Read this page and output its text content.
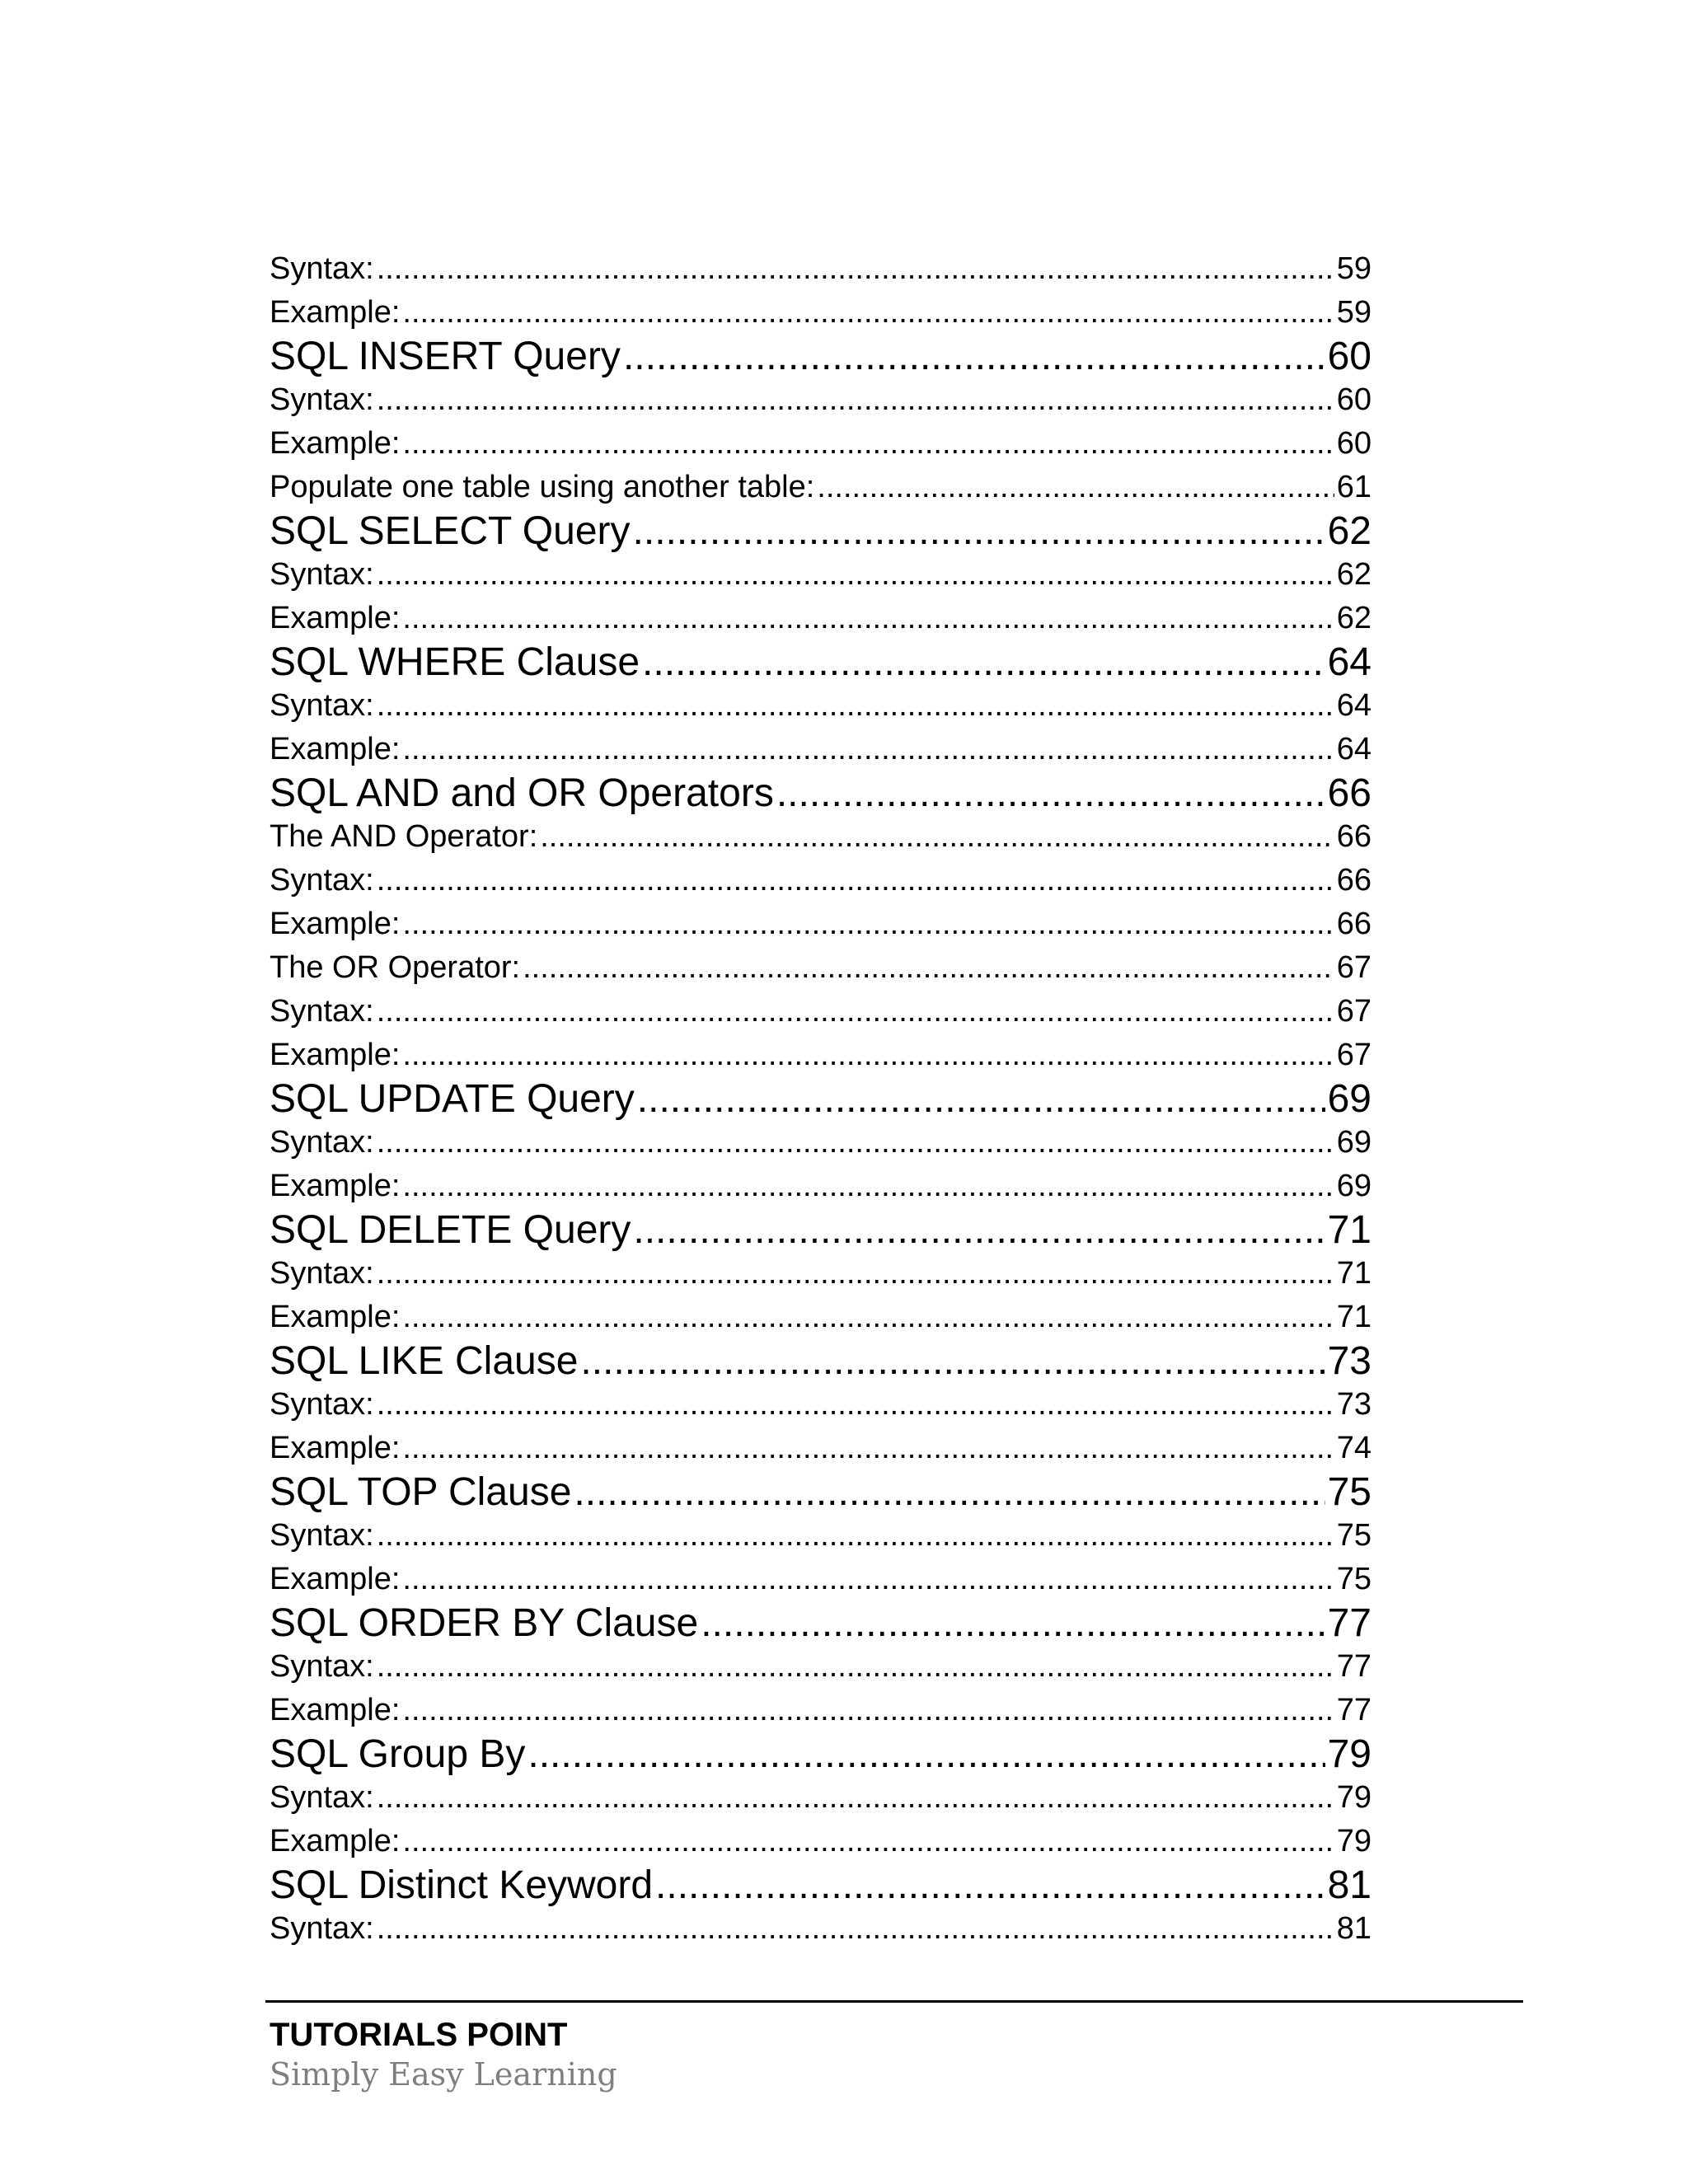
Syntax: .....	59
Example: .....	59
SQL INSERT Query .....	60
Syntax: .....	60
Example: .....	60
Populate one table using another table: .....	61
SQL SELECT Query .....	62
Syntax: .....	62
Example: .....	62
SQL WHERE Clause .....	64
Syntax: .....	64
Example: .....	64
SQL AND and OR Operators .....	66
The AND Operator: .....	66
Syntax: .....	66
Example: .....	66
The OR Operator: .....	67
Syntax: .....	67
Example: .....	67
SQL UPDATE Query .....	69
Syntax: .....	69
Example: .....	69
SQL DELETE Query .....	71
Syntax: .....	71
Example: .....	71
SQL LIKE Clause .....	73
Syntax: .....	73
Example: .....	74
SQL TOP Clause .....	75
Syntax: .....	75
Example: .....	75
SQL ORDER BY Clause .....	77
Syntax: .....	77
Example: .....	77
SQL Group By .....	79
Syntax: .....	79
Example: .....	79
SQL Distinct Keyword .....	81
Syntax: .....	81
TUTORIALS POINT
Simply Easy Learning
